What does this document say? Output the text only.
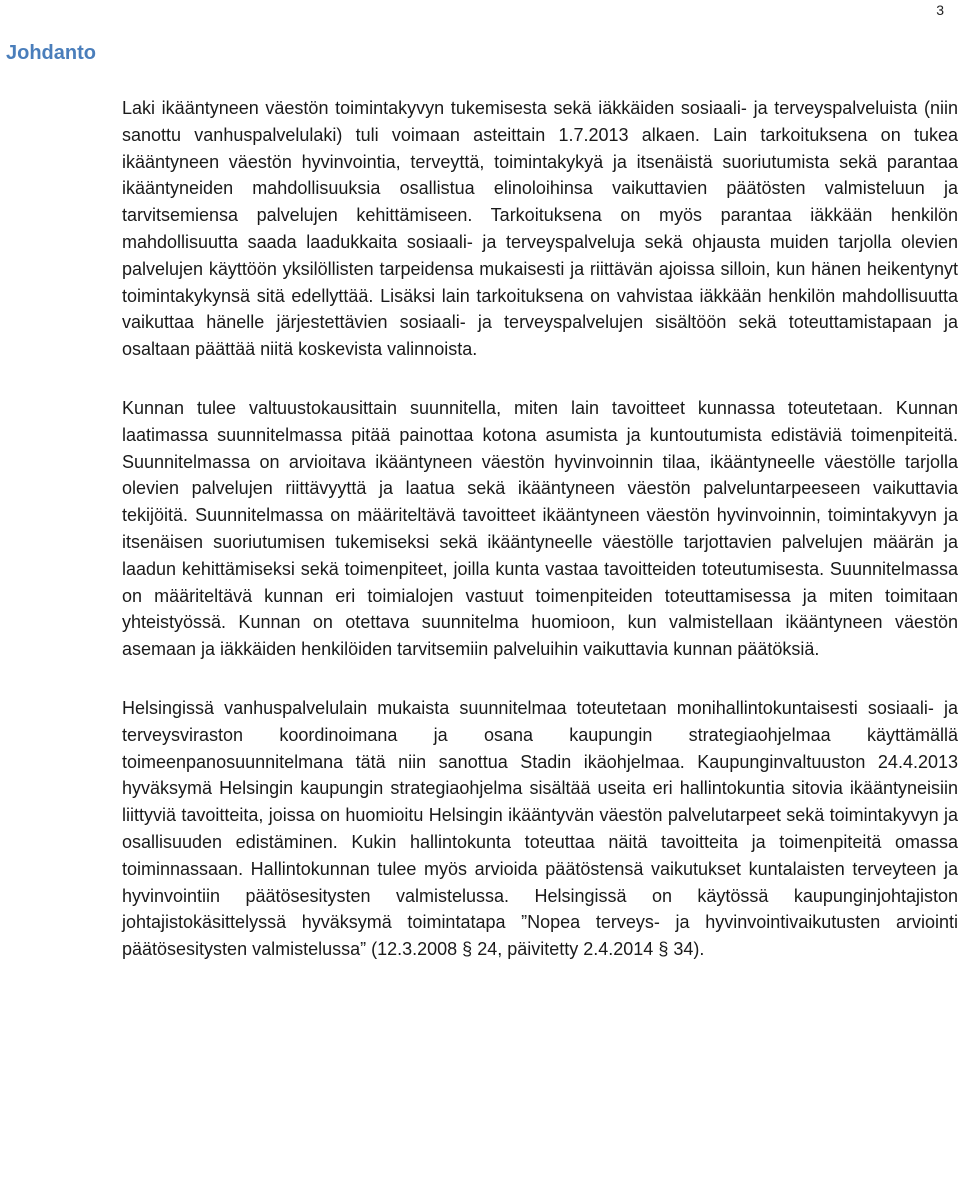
3
Johdanto

Laki ikääntyneen väestön toimintakyvyn tukemisesta sekä iäkkäiden sosiaali- ja terveyspalveluista (niin sanottu vanhuspalvelulaki) tuli voimaan asteittain 1.7.2013 alkaen. Lain tarkoituksena on tukea ikääntyneen väestön hyvinvointia, terveyttä, toimintakykyä ja itsenäistä suoriutumista sekä parantaa ikääntyneiden mahdollisuuksia osallistua elinoloihinsa vaikuttavien päätösten valmisteluun ja tarvitsemiensa palvelujen kehittämiseen. Tarkoituksena on myös parantaa iäkkään henkilön mahdollisuutta saada laadukkaita sosiaali- ja terveyspalveluja sekä ohjausta muiden tarjolla olevien palvelujen käyttöön yksilöllisten tarpeidensa mukaisesti ja riittävän ajoissa silloin, kun hänen heikentynyt toimintakykynsä sitä edellyttää. Lisäksi lain tarkoituksena on vahvistaa iäkkään henkilön mahdollisuutta vaikuttaa hänelle järjestettävien sosiaali- ja terveyspalvelujen sisältöön sekä toteuttamistapaan ja osaltaan päättää niitä koskevista valinnoista.

Kunnan tulee valtuustokausittain suunnitella, miten lain tavoitteet kunnassa toteutetaan. Kunnan laatimassa suunnitelmassa pitää painottaa kotona asumista ja kuntoutumista edistäviä toimenpiteitä. Suunnitelmassa on arvioitava ikääntyneen väestön hyvinvoinnin tilaa, ikääntyneelle väestölle tarjolla olevien palvelujen riittävyyttä ja laatua sekä ikääntyneen väestön palveluntarpeeseen vaikuttavia tekijöitä. Suunnitelmassa on määriteltävä tavoitteet ikääntyneen väestön hyvinvoinnin, toimintakyvyn ja itsenäisen suoriutumisen tukemiseksi sekä ikääntyneelle väestölle tarjottavien palvelujen määrän ja laadun kehittämiseksi sekä toimenpiteet, joilla kunta vastaa tavoitteiden toteutumisesta. Suunnitelmassa on määriteltävä kunnan eri toimialojen vastuut toimenpiteiden toteuttamisessa ja miten toimitaan yhteistyössä. Kunnan on otettava suunnitelma huomioon, kun valmistellaan ikääntyneen väestön asemaan ja iäkkäiden henkilöiden tarvitsemiin palveluihin vaikuttavia kunnan päätöksiä.

Helsingissä vanhuspalvelulain mukaista suunnitelmaa toteutetaan monihallintokuntaisesti sosiaali- ja terveysviraston koordinoimana ja osana kaupungin strategiaohjelmaa käyttämällä toimeenpanosuunnitelmana tätä niin sanottua Stadin ikäohjelmaa. Kaupunginvaltuuston 24.4.2013 hyväksymä Helsingin kaupungin strategiaohjelma sisältää useita eri hallintokuntia sitovia ikääntyneisiin liittyviä tavoitteita, joissa on huomioitu Helsingin ikääntyvän väestön palvelutarpeet sekä toimintakyvyn ja osallisuuden edistäminen. Kukin hallintokunta toteuttaa näitä tavoitteita ja toimenpiteitä omassa toiminnassaan. Hallintokunnan tulee myös arvioida päätöstensä vaikutukset kuntalaisten terveyteen ja hyvinvointiin päätösesitysten valmistelussa. Helsingissä on käytössä kaupunginjohtajiston johtajistokäsittelyssä hyväksymä toimintatapa ”Nopea terveys- ja hyvinvointivaikutusten arviointi päätösesitysten valmistelussa” (12.3.2008 § 24, päivitetty 2.4.2014 § 34).
